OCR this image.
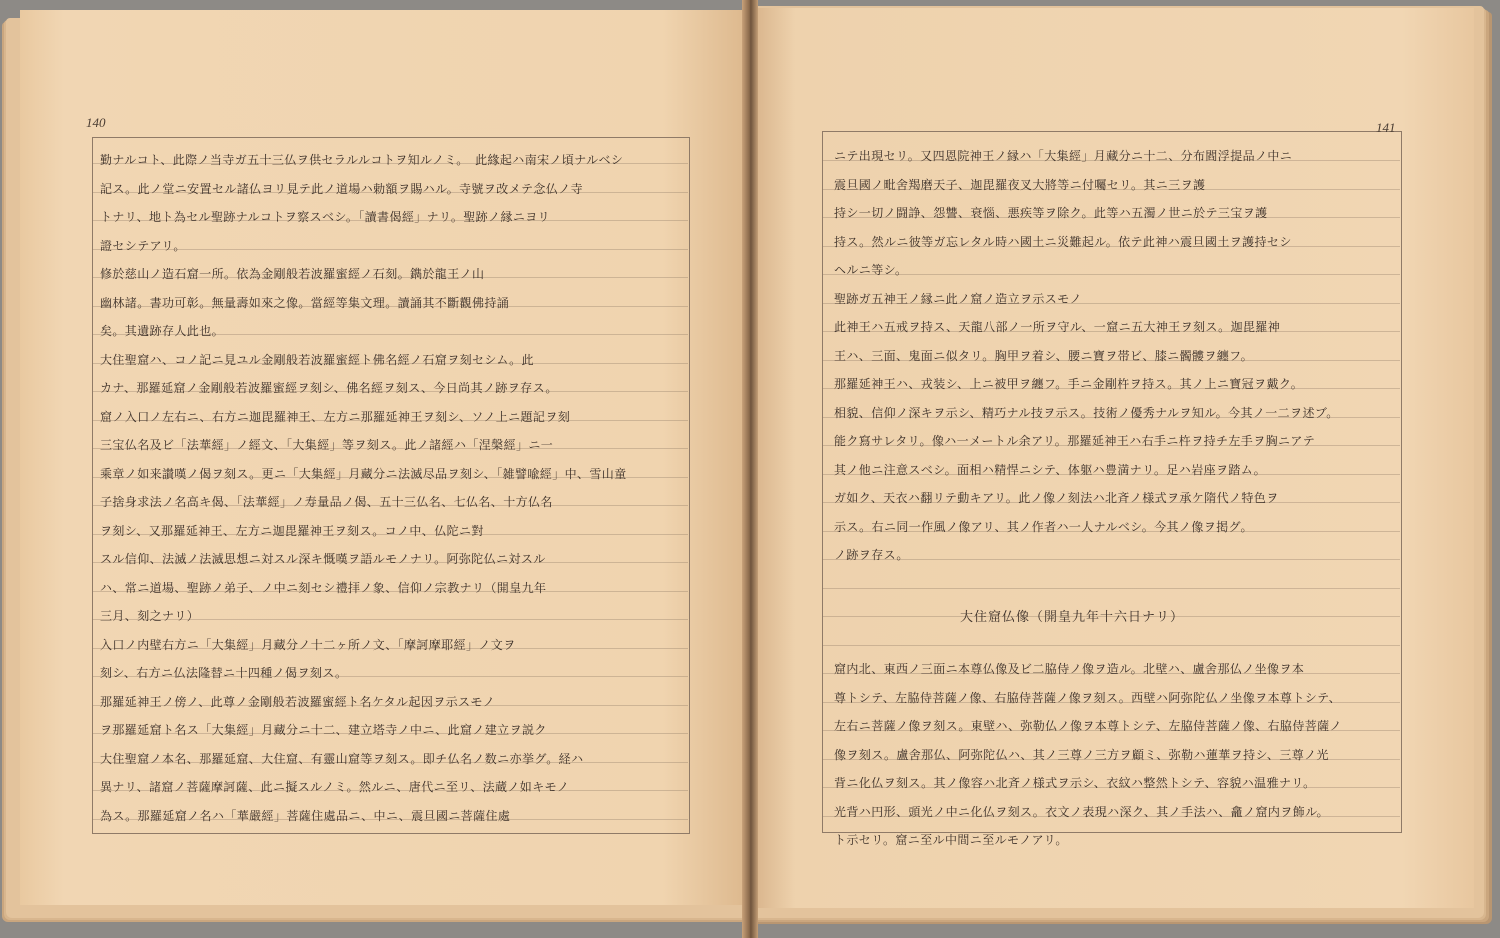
140	141
勤ナルコト、此際ノ当寺ガ五十三仏ヲ供セラルルコトヲ知ルノミ。　此緣起ハ南宋ノ頃ナルベシ
記ス。此ノ堂ニ安置セル諸仏ヨリ見テ此ノ道場ハ勅額ヲ賜ハル。寺號ヲ改メテ念仏ノ寺
トナリ、地ト為セル聖跡ナルコトヲ察スベシ。「讀書偈經」ナリ。聖跡ノ縁ニヨリ
證セシテアリ。
修於慈山ノ造石窟一所。依為金剛般若波羅蜜經ノ石刻。鐫於龍王ノ山
幽林諸。書功可彰。無量壽如來之像。當經等集文理。讀誦其不斷觀佛持誦
矣。其遺跡存人此也。
大住聖窟ハ、コノ記ニ見ユル金剛般若波羅蜜經ト佛名經ノ石窟ヲ刻セシム。此
カナ、那羅延窟ノ金剛般若波羅蜜經ヲ刻シ、佛名經ヲ刻ス、今日尚其ノ跡ヲ存ス。
窟ノ入口ノ左右ニ、右方ニ迦毘羅神王、左方ニ那羅延神王ヲ刻シ、ソノ上ニ題記ヲ刻
三宝仏名及ビ「法華經」ノ經文、「大集經」等ヲ刻ス。此ノ諸經ハ「涅槃經」ニ一
乘章ノ如来讃嘆ノ偈ヲ刻ス。更ニ「大集經」月藏分ニ法滅尽品ヲ刻シ、「雑譬喩經」中、雪山童
子捨身求法ノ名高キ偈、「法華經」ノ寿量品ノ偈、五十三仏名、七仏名、十方仏名
ヲ刻シ、又那羅延神王、左方ニ迦毘羅神王ヲ刻ス。コノ中、仏陀ニ對
スル信仰、法滅ノ法滅思想ニ対スル深キ慨嘆ヲ語ルモノナリ。阿弥陀仏ニ対スル
ハ、常ニ道場、聖跡ノ弟子、ノ中ニ刻セシ禮拝ノ象、信仰ノ宗教ナリ（開皇九年
三月、刻之ナリ）
入口ノ内壁右方ニ「大集經」月藏分ノ十二ヶ所ノ文、「摩訶摩耶經」ノ文ヲ
刻シ、右方ニ仏法隆替ニ十四種ノ偈ヲ刻ス。
那羅延神王ノ傍ノ、此尊ノ金剛般若波羅蜜經ト名ケタル起因ヲ示スモノ
ヲ那羅延窟ト名ス「大集經」月藏分ニ十二、建立塔寺ノ中ニ、此窟ノ建立ヲ説ク
大住聖窟ノ本名、那羅延窟、大住窟、有靈山窟等ヲ刻ス。即チ仏名ノ数ニ亦挙グ。経ハ
異ナリ、諸窟ノ菩薩摩訶薩、此ニ擬スルノミ。然ルニ、唐代ニ至リ、法蔵ノ如キモノ
為ス。那羅延窟ノ名ハ「華嚴經」菩薩住處品ニ、中ニ、震旦國ニ菩薩住處
ニテ出現セリ。又四恩院神王ノ縁ハ「大集經」月藏分ニ十二、分布閻浮提品ノ中ニ
震旦國ノ毗舍羯磨天子、迦毘羅夜叉大將等ニ付囑セリ。其ニ三ヲ護
持シ一切ノ闘諍、怨讐、衰惱、悪疾等ヲ除ク。此等ハ五濁ノ世ニ於テ三宝ヲ護
持ス。然ルニ彼等ガ忘レタル時ハ國土ニ災難起ル。依テ此神ハ震旦國土ヲ護持セシ
ヘルニ等シ。
聖跡ガ五神王ノ縁ニ此ノ窟ノ造立ヲ示スモノ
此神王ハ五戒ヲ持ス、天龍八部ノ一所ヲ守ル、一窟ニ五大神王ヲ刻ス。迦毘羅神
王ハ、三面、鬼面ニ似タリ。胸甲ヲ着シ、腰ニ寶ヲ帯ビ、膝ニ髑髏ヲ纏フ。
那羅延神王ハ、戎装シ、上ニ被甲ヲ纏フ。手ニ金剛杵ヲ持ス。其ノ上ニ寶冠ヲ戴ク。
相貌、信仰ノ深キヲ示シ、精巧ナル技ヲ示ス。技術ノ優秀ナルヲ知ル。今其ノ一二ヲ述ブ。
能ク寫サレタリ。像ハ一メートル余アリ。那羅延神王ハ右手ニ杵ヲ持チ左手ヲ胸ニアテ
其ノ他ニ注意スベシ。面相ハ精悍ニシテ、体躯ハ豊満ナリ。足ハ岩座ヲ踏ム。
ガ如ク、天衣ハ翻リテ動キアリ。此ノ像ノ刻法ハ北斉ノ様式ヲ承ケ隋代ノ特色ヲ
示ス。右ニ同一作風ノ像アリ、其ノ作者ハ一人ナルベシ。今其ノ像ヲ掲グ。
ノ跡ヲ存ス。
窟内北、東西ノ三面ニ本尊仏像及ビ二脇侍ノ像ヲ造ル。北壁ハ、盧舍那仏ノ坐像ヲ本
尊トシテ、左脇侍菩薩ノ像、右脇侍菩薩ノ像ヲ刻ス。西壁ハ阿弥陀仏ノ坐像ヲ本尊トシテ、
左右ニ菩薩ノ像ヲ刻ス。東壁ハ、弥勒仏ノ像ヲ本尊トシテ、左脇侍菩薩ノ像、右脇侍菩薩ノ
像ヲ刻ス。盧舍那仏、阿弥陀仏ハ、其ノ三尊ノ三方ヲ顧ミ、弥勒ハ蓮華ヲ持シ、三尊ノ光
背ニ化仏ヲ刻ス。其ノ像容ハ北斉ノ様式ヲ示シ、衣紋ハ整然トシテ、容貌ハ温雅ナリ。
光背ハ円形、頭光ノ中ニ化仏ヲ刻ス。衣文ノ表現ハ深ク、其ノ手法ハ、龕ノ窟内ヲ飾ル。
ト示セリ。窟ニ至ル中間ニ至ルモノアリ。
大住窟仏像（開皇九年十六日ナリ）
